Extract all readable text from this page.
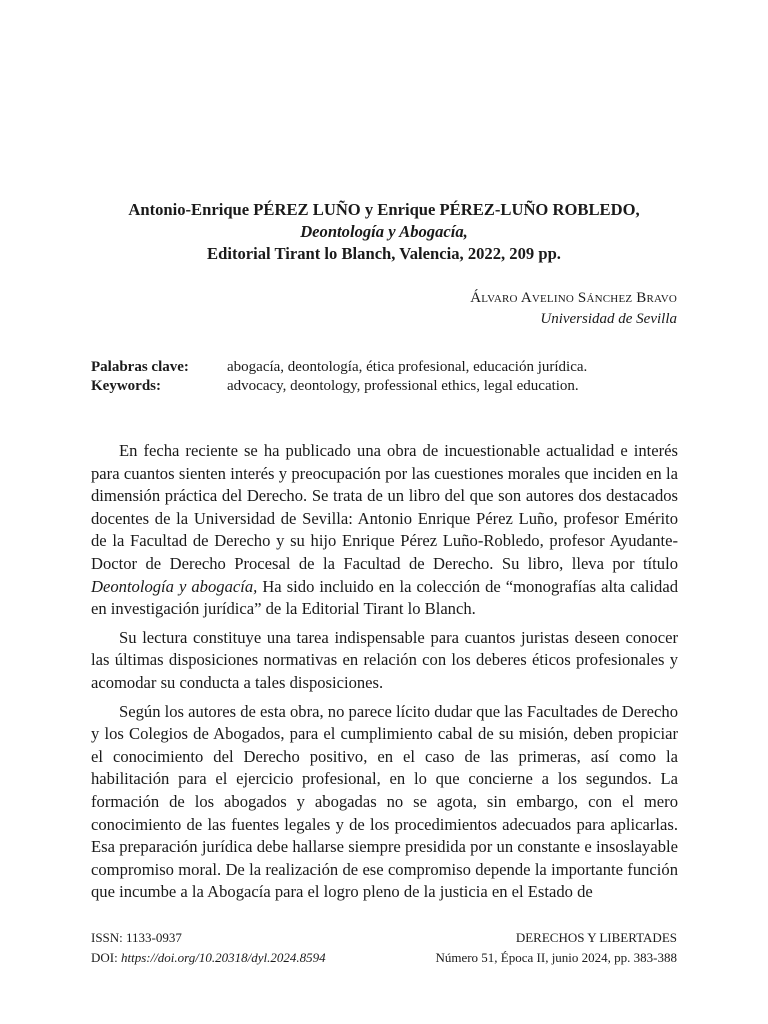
Antonio-Enrique PÉREZ LUÑO y Enrique PÉREZ-LUÑO ROBLEDO,
Deontología y Abogacía,
Editorial Tirant lo Blanch, Valencia, 2022, 209 pp.
Álvaro Avelino Sánchez Bravo
Universidad de Sevilla
Palabras clave:	abogacía, deontología, ética profesional, educación jurídica.
Keywords:	advocacy, deontology, professional ethics, legal education.

En fecha reciente se ha publicado una obra de incuestionable actualidad e interés para cuantos sienten interés y preocupación por las cuestiones morales que inciden en la dimensión práctica del Derecho. Se trata de un libro del que son autores dos destacados docentes de la Universidad de Sevilla: Antonio Enrique Pérez Luño, profesor Emérito de la Facultad de Derecho y su hijo Enrique Pérez Luño-Robledo, profesor Ayudante-Doctor de Derecho Procesal de la Facultad de Derecho. Su libro, lleva por título Deontología y abogacía, Ha sido incluido en la colección de “monografías alta calidad en investigación jurídica” de la Editorial Tirant lo Blanch.

Su lectura constituye una tarea indispensable para cuantos juristas deseen conocer las últimas disposiciones normativas en relación con los deberes éticos profesionales y acomodar su conducta a tales disposiciones.

Según los autores de esta obra, no parece lícito dudar que las Facultades de Derecho y los Colegios de Abogados, para el cumplimiento cabal de su misión, deben propiciar el conocimiento del Derecho positivo, en el caso de las primeras, así como la habilitación para el ejercicio profesional, en lo que concierne a los segundos. La formación de los abogados y abogadas no se agota, sin embargo, con el mero conocimiento de las fuentes legales y de los procedimientos adecuados para aplicarlas. Esa preparación jurídica debe hallarse siempre presidida por un constante e insoslayable compromiso moral. De la realización de ese compromiso depende la importante función que incumbe a la Abogacía para el logro pleno de la justicia en el Estado de

ISSN: 1133-0937
DOI: https://doi.org/10.20318/dyl.2024.8594
DERECHOS Y LIBERTADES
Número 51, Época II, junio 2024, pp. 383-388
